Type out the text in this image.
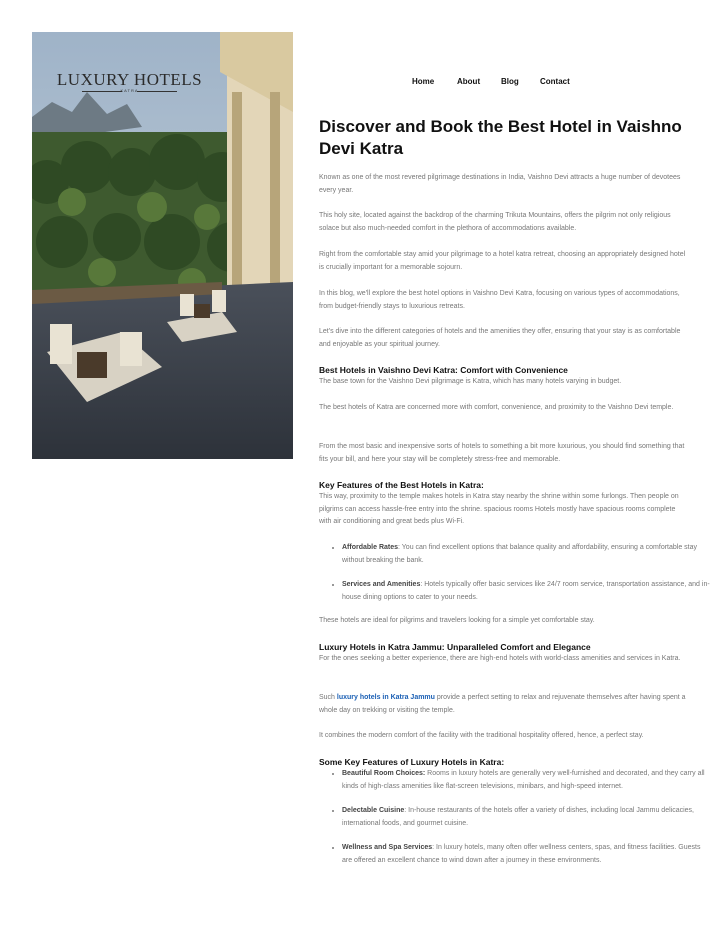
LUXURY HOTELS
KATRA
Home	About	Blog	Contact
Discover and Book the Best Hotel in Vaishno Devi Katra

Known as one of the most revered pilgrimage destinations in India, Vaishno Devi attracts a huge number of devotees every year.

This holy site, located against the backdrop of the charming Trikuta Mountains, offers the pilgrim not only religious solace but also much-needed comfort in the plethora of accommodations available.

Right from the comfortable stay amid your pilgrimage to a hotel katra retreat, choosing an appropriately designed hotel is crucially important for a memorable sojourn.

In this blog, we'll explore the best hotel options in Vaishno Devi Katra, focusing on various types of accommodations, from budget-friendly stays to luxurious retreats.

Let's dive into the different categories of hotels and the amenities they offer, ensuring that your stay is as comfortable and enjoyable as your spiritual journey.

Best Hotels in Vaishno Devi Katra: Comfort with Convenience

The base town for the Vaishno Devi pilgrimage is Katra, which has many hotels varying in budget.

The best hotels of Katra are concerned more with comfort, convenience, and proximity to the Vaishno Devi temple.

From the most basic and inexpensive sorts of hotels to something a bit more luxurious, you should find something that fits your bill, and here your stay will be completely stress-free and memorable.

Key Features of the Best Hotels in Katra:

This way, proximity to the temple makes hotels in Katra stay nearby the shrine within some furlongs. Then people on pilgrims can access hassle-free entry into the shrine. spacious rooms Hotels mostly have spacious rooms complete with air conditioning and great beds plus Wi-Fi.

• Affordable Rates: You can find excellent options that balance quality and affordability, ensuring a comfortable stay without breaking the bank.
• Services and Amenities: Hotels typically offer basic services like 24/7 room service, transportation assistance, and in-house dining options to cater to your needs.

These hotels are ideal for pilgrims and travelers looking for a simple yet comfortable stay.

Luxury Hotels in Katra Jammu: Unparalleled Comfort and Elegance

For the ones seeking a better experience, there are high-end hotels with world-class amenities and services in Katra.

Such luxury hotels in Katra Jammu provide a perfect setting to relax and rejuvenate themselves after having spent a whole day on trekking or visiting the temple.

It combines the modern comfort of the facility with the traditional hospitality offered, hence, a perfect stay.

Some Key Features of Luxury Hotels in Katra:
• Beautiful Room Choices: Rooms in luxury hotels are generally very well-furnished and decorated, and they carry all kinds of high-class amenities like flat-screen televisions, minibars, and high-speed internet.
• Delectable Cuisine: In-house restaurants of the hotels offer a variety of dishes, including local Jammu delicacies, international foods, and gourmet cuisine.
• Wellness and Spa Services: In luxury hotels, many often offer wellness centers, spas, and fitness facilities. Guests are offered an excellent chance to wind down after a journey in these environments.
